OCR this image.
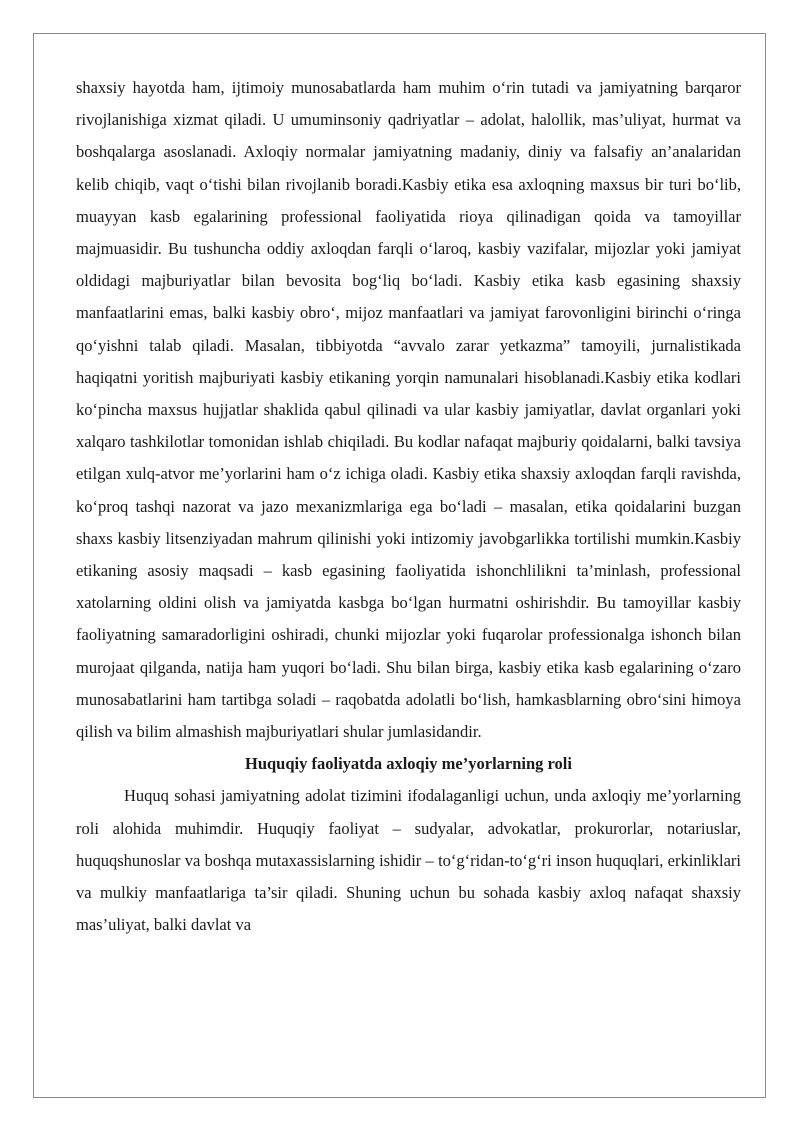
shaxsiy hayotda ham, ijtimoiy munosabatlarda ham muhim o‘rin tutadi va jamiyatning barqaror rivojlanishiga xizmat qiladi. U umuminsoniy qadriyatlar – adolat, halollik, mas’uliyat, hurmat va boshqalarga asoslanadi. Axloqiy normalar jamiyatning madaniy, diniy va falsafiy an’analaridan kelib chiqib, vaqt o‘tishi bilan rivojlanib boradi.Kasbiy etika esa axloqning maxsus bir turi bo‘lib, muayyan kasb egalarining professional faoliyatida rioya qilinadigan qoida va tamoyillar majmuasidir. Bu tushuncha oddiy axloqdan farqli o‘laroq, kasbiy vazifalar, mijozlar yoki jamiyat oldidagi majburiyatlar bilan bevosita bog‘liq bo‘ladi. Kasbiy etika kasb egasining shaxsiy manfaatlarini emas, balki kasbiy obro‘, mijoz manfaatlari va jamiyat farovonligini birinchi o‘ringa qo‘yishni talab qiladi. Masalan, tibbiyotda “avvalo zarar yetkazma” tamoyili, jurnalistikada haqiqatni yoritish majburiyati kasbiy etikaning yorqin namunalari hisoblanadi.Kasbiy etika kodlari ko‘pincha maxsus hujjatlar shaklida qabul qilinadi va ular kasbiy jamiyatlar, davlat organlari yoki xalqaro tashkilotlar tomonidan ishlab chiqiladi. Bu kodlar nafaqat majburiy qoidalarni, balki tavsiya etilgan xulq-atvor me’yorlarini ham o‘z ichiga oladi. Kasbiy etika shaxsiy axloqdan farqli ravishda, ko‘proq tashqi nazorat va jazo mexanizmlariga ega bo‘ladi – masalan, etika qoidalarini buzgan shaxs kasbiy litsenziyadan mahrum qilinishi yoki intizomiy javobgarlikka tortilishi mumkin.Kasbiy etikaning asosiy maqsadi – kasb egasining faoliyatida ishonchlilikni ta’minlash, professional xatolarning oldini olish va jamiyatda kasbga bo‘lgan hurmatni oshirishdir. Bu tamoyillar kasbiy faoliyatning samaradorligini oshiradi, chunki mijozlar yoki fuqarolar professionalga ishonch bilan murojaat qilganda, natija ham yuqori bo‘ladi. Shu bilan birga, kasbiy etika kasb egalarining o‘zaro munosabatlarini ham tartibga soladi – raqobatda adolatli bo‘lish, hamkasblarning obro‘sini himoya qilish va bilim almashish majburiyatlari shular jumlasidandir.

Huquqiy faoliyatda axloqiy me’yorlarning roli

Huquq sohasi jamiyatning adolat tizimini ifodalaganligi uchun, unda axloqiy me’yorlarning roli alohida muhimdir. Huquqiy faoliyat – sudyalar, advokatlar, prokurorlar, notariuslar, huquqshunoslar va boshqa mutaxassislarning ishidir – to‘g‘ridan-to‘g‘ri inson huquqlari, erkinliklari va mulkiy manfaatlariga ta’sir qiladi. Shuning uchun bu sohada kasbiy axloq nafaqat shaxsiy mas’uliyat, balki davlat va
